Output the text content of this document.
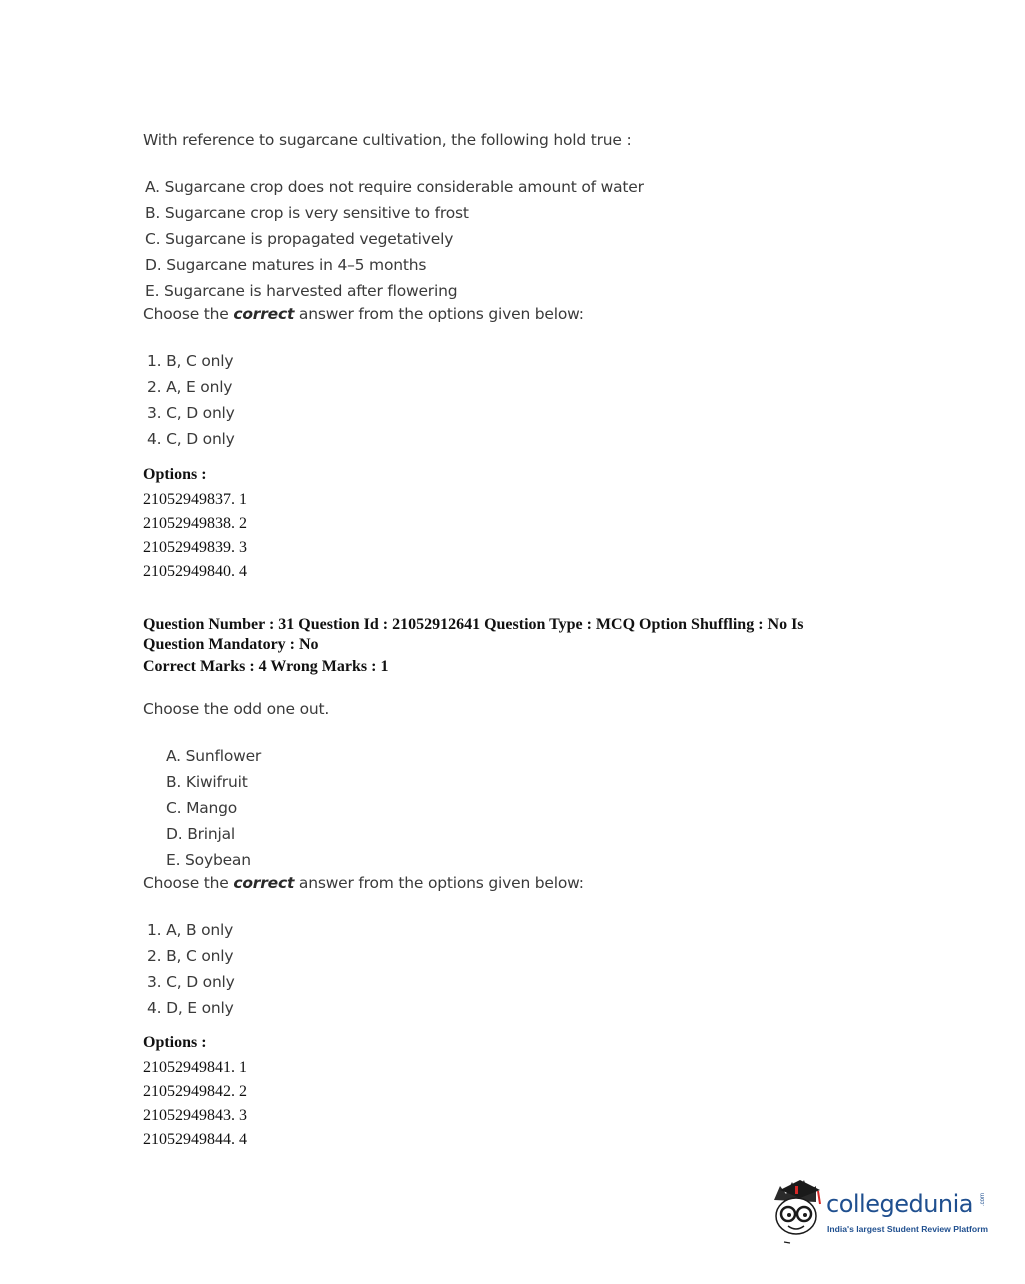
With reference to sugarcane cultivation, the following hold true :
A. Sugarcane crop does not require considerable amount of water
B. Sugarcane crop is very sensitive to frost
C. Sugarcane is propagated vegetatively
D. Sugarcane matures in 4–5 months
E. Sugarcane is harvested after flowering
Choose the correct answer from the options given below:
1. B, C only
2. A, E only
3. C, D only
4. C, D only
Options :
21052949837. 1
21052949838. 2
21052949839. 3
21052949840. 4
Question Number : 31 Question Id : 21052912641 Question Type : MCQ Option Shuffling : No Is
Question Mandatory : No
Correct Marks : 4 Wrong Marks : 1
Choose the odd one out.
A. Sunflower
B. Kiwifruit
C. Mango
D. Brinjal
E. Soybean
Choose the correct answer from the options given below:
1. A, B only
2. B, C only
3. C, D only
4. D, E only
Options :
21052949841. 1
21052949842. 2
21052949843. 3
21052949844. 4
collegedunia .com
India's largest Student Review Platform
